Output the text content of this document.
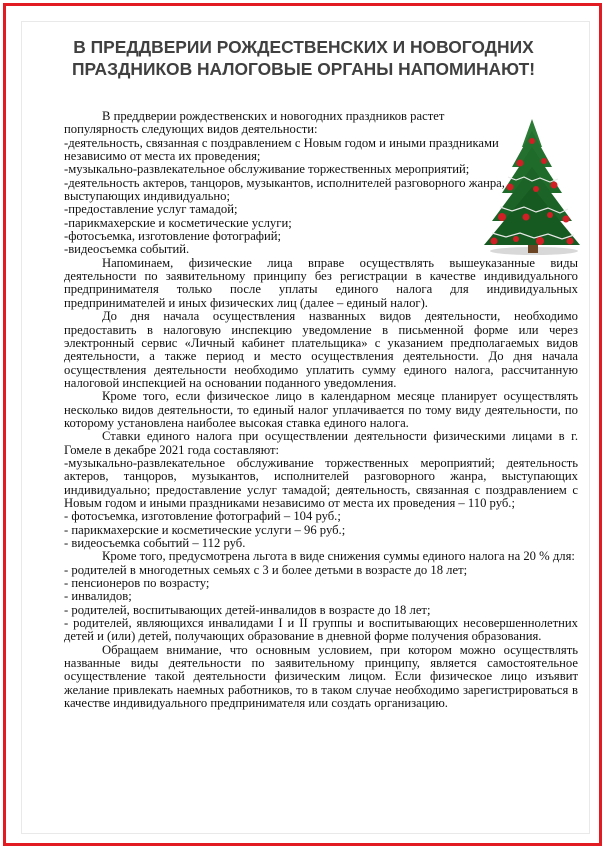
В ПРЕДДВЕРИИ РОЖДЕСТВЕНСКИХ И НОВОГОДНИХ
ПРАЗДНИКОВ НАЛОГОВЫЕ ОРГАНЫ НАПОМИНАЮТ!

В преддверии рождественских и новогодних праздников растет популярность следующих видов деятельности:

-деятельность, связанная с поздравлением с Новым годом и иными праздниками независимо от места их проведения;

-музыкально-развлекательное обслуживание торжественных мероприятий;

-деятельность актеров, танцоров, музыкантов, исполнителей разговорного жанра, выступающих индивидуально;

-предоставление услуг тамадой;

-парикмахерские и косметические услуги;

-фотосъемка, изготовление фотографий;

-видеосъемка событий.

Напоминаем, физические лица вправе осуществлять вышеуказанные виды деятельности по заявительному принципу без регистрации в качестве индивидуального предпринимателя только после уплаты единого налога для индивидуальных предпринимателей и иных физических лиц (далее – единый налог).

До дня начала осуществления названных видов деятельности, необходимо предоставить в налоговую инспекцию уведомление в письменной форме или через электронный сервис «Личный кабинет плательщика» с указанием предполагаемых видов деятельности, а также период и место осуществления деятельности. До дня начала осуществления деятельности необходимо уплатить сумму единого налога, рассчитанную налоговой инспекцией на основании поданного уведомления.

Кроме того, если физическое лицо в календарном месяце планирует осуществлять несколько видов деятельности, то единый налог уплачивается по тому виду деятельности, по которому установлена наиболее высокая ставка единого налога.

Ставки единого налога при осуществлении деятельности физическими лицами в г. Гомеле в декабре 2021 года составляют:

-музыкально-развлекательное обслуживание торжественных мероприятий; деятельность актеров, танцоров, музыкантов, исполнителей разговорного жанра, выступающих индивидуально; предоставление услуг тамадой; деятельность, связанная с поздравлением с Новым годом и иными праздниками независимо от места их проведения – 110 руб.;

- фотосъемка, изготовление фотографий – 104 руб.;

- парикмахерские и косметические услуги – 96 руб.;

- видеосъемка событий – 112 руб.

Кроме того, предусмотрена льгота в виде снижения суммы единого налога на 20 % для:

- родителей в многодетных семьях с 3 и более детьми в возрасте до 18 лет;

- пенсионеров по возрасту;

- инвалидов;

- родителей, воспитывающих детей-инвалидов в возрасте до 18 лет;

- родителей, являющихся инвалидами I и II группы и воспитывающих несовершеннолетних детей и (или) детей, получающих образование в дневной форме получения образования.

Обращаем внимание, что основным условием, при котором можно осуществлять названные виды деятельности по заявительному принципу, является самостоятельное осуществление такой деятельности физическим лицом. Если физическое лицо изъявит желание привлекать наемных работников, то в таком случае необходимо зарегистрироваться в качестве индивидуального предпринимателя или создать организацию.
